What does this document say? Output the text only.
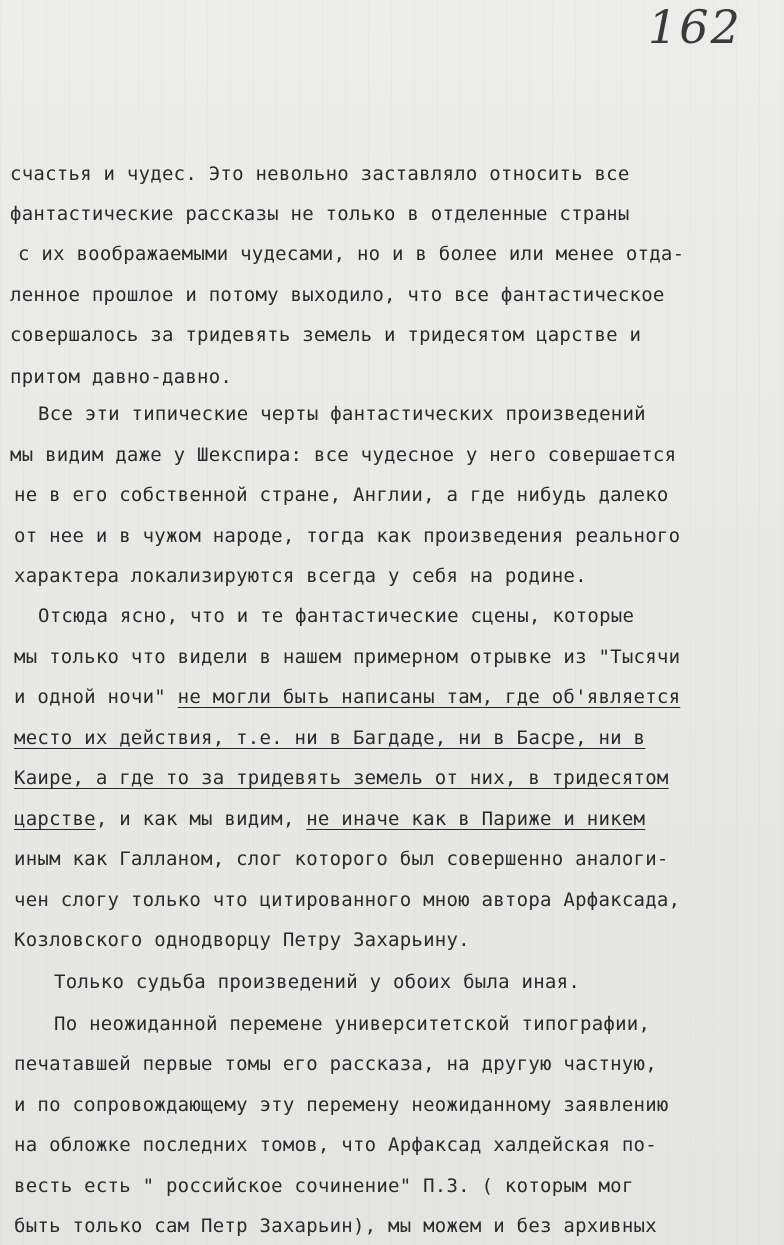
162
счастья и чудес. Это невольно заставляло относить все
фантастические рассказы не только в отделенные страны
с их воображаемыми чудесами, но и в более или менее отда-
ленное прошлое и потому выходило, что все фантастическое
совершалось за тридевять земель и тридесятом царстве и
притом давно-давно.
Все эти типические черты фантастических произведений
мы видим даже у Шекспира: все чудесное у него совершается
не в его собственной стране, Англии, а где нибудь далеко
от нее и в чужом народе, тогда как произведения реального
характера локализируются всегда у себя на родине.
Отсюда ясно, что и те фантастические сцены, которые
мы только что видели в нашем примерном отрывке из "Тысячи
и одной ночи" не могли быть написаны там, где об'является
место их действия, т.е. ни в Багдаде, ни в Басре, ни в
Каире, а где то за тридевять земель от них, в тридесятом
царстве, и как мы видим, не иначе как в Париже и никем
иным как Галланом, слог которого был совершенно аналоги-
чен слогу только что цитированного мною автора Арфаксада,
Козловского однодворцу Петру Захарьину.
Только судьба произведений у обоих была иная.
По неожиданной перемене университетской типографии,
печатавшей первые томы его рассказа, на другую частную,
и по сопровождающему эту перемену неожиданному заявлению
на обложке последних томов, что Арфаксад халдейская по-
весть есть " российское сочинение" П.З. ( которым мог
быть только сам Петр Захарьин), мы можем и без архивных
